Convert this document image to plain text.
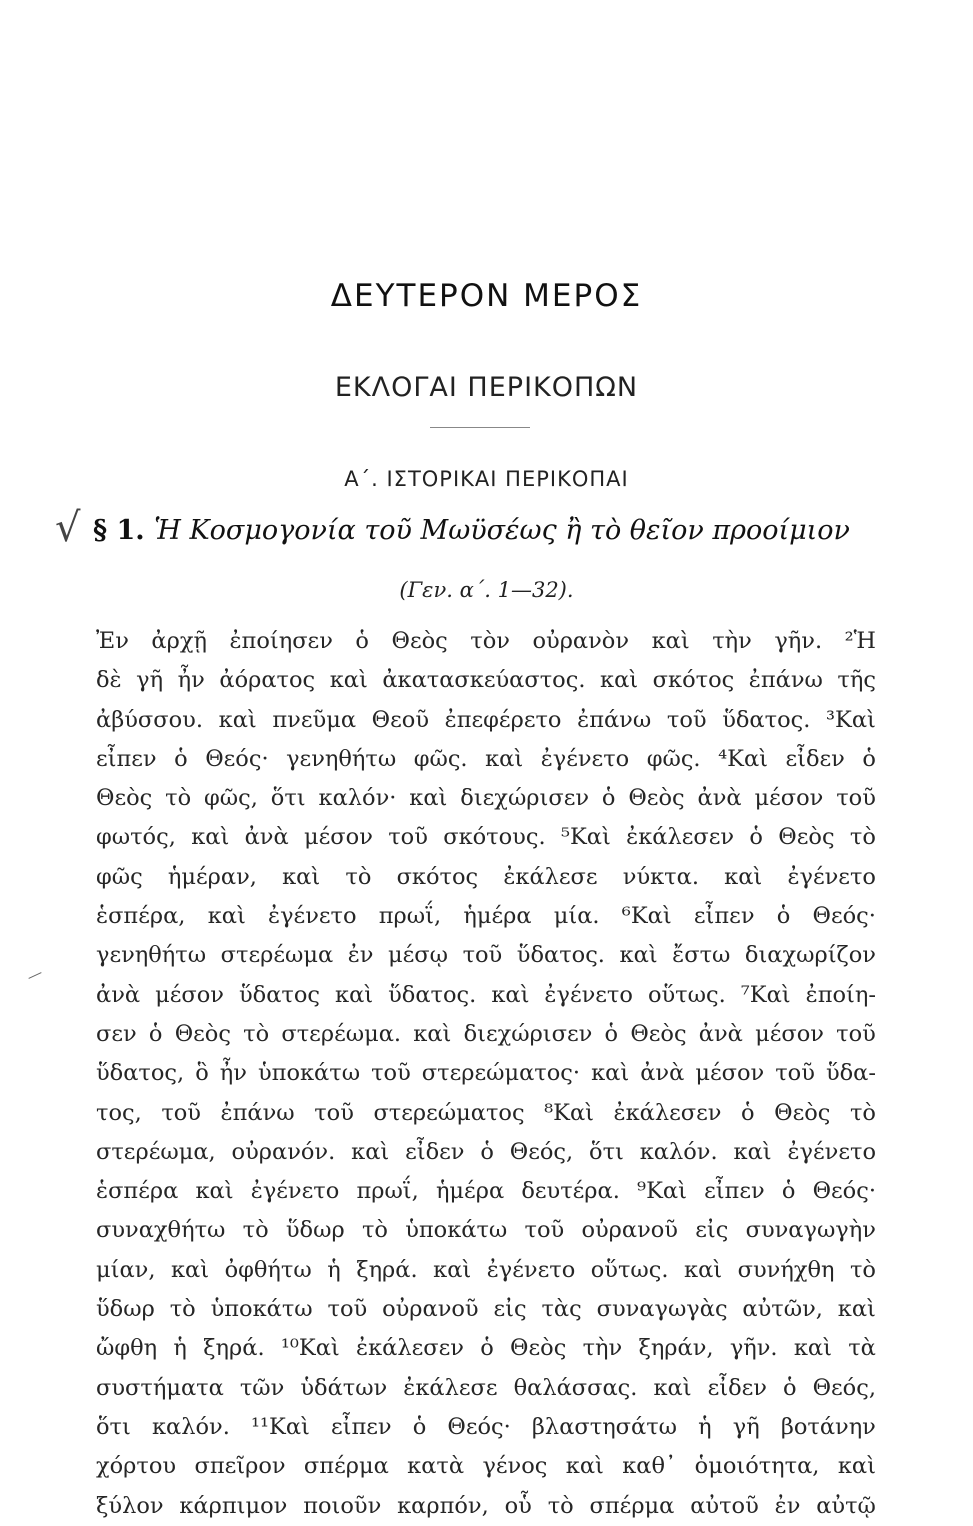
ΔΕΥΤΕΡΟΝ ΜΕΡΟΣ
ΕΚΛΟΓΑΙ ΠΕΡΙΚΟΠΩΝ
Α΄. ΙΣΤΟΡΙΚΑΙ ΠΕΡΙΚΟΠΑΙ
√ § 1. Ἡ Κοσμογονία τοῦ Μωϋσέως ἢ τὸ θεῖον προοίμιον
(Γεν. α΄. 1—32).
Ἐν ἀρχῇ ἐποίησεν ὁ Θεὸς τὸν οὐρανὸν καὶ τὴν γῆν. ²Ἡ
δὲ γῆ ἦν ἀόρατος καὶ ἀκατασκεύαστος. καὶ σκότος ἐπάνω τῆς
ἀβύσσου. καὶ πνεῦμα Θεοῦ ἐπεφέρετο ἐπάνω τοῦ ὕδατος. ³Καὶ
εἶπεν ὁ Θεός· γενηθήτω φῶς. καὶ ἐγένετο φῶς. ⁴Καὶ εἶδεν ὁ
Θεὸς τὸ φῶς, ὅτι καλόν· καὶ διεχώρισεν ὁ Θεὸς ἀνὰ μέσον τοῦ
φωτός, καὶ ἀνὰ μέσον τοῦ σκότους. ⁵Καὶ ἐκάλεσεν ὁ Θεὸς τὸ
φῶς ἡμέραν, καὶ τὸ σκότος ἐκάλεσε νύκτα. καὶ ἐγένετο
ἑσπέρα, καὶ ἐγένετο πρωΐ, ἡμέρα μία. ⁶Καὶ εἶπεν ὁ Θεός·
γενηθήτω στερέωμα ἐν μέσῳ τοῦ ὕδατος. καὶ ἔστω διαχωρίζον
ἀνὰ μέσον ὕδατος καὶ ὕδατος. καὶ ἐγένετο οὕτως. ⁷Καὶ ἐποίη-
σεν ὁ Θεὸς τὸ στερέωμα. καὶ διεχώρισεν ὁ Θεὸς ἀνὰ μέσον τοῦ
ὕδατος, ὃ ἦν ὑποκάτω τοῦ στερεώματος· καὶ ἀνὰ μέσον τοῦ ὕδα-
τος, τοῦ ἐπάνω τοῦ στερεώματος ⁸Καὶ ἐκάλεσεν ὁ Θεὸς τὸ
στερέωμα, οὐρανόν. καὶ εἶδεν ὁ Θεός, ὅτι καλόν. καὶ ἐγένετο
ἑσπέρα καὶ ἐγένετο πρωΐ, ἡμέρα δευτέρα. ⁹Καὶ εἶπεν ὁ Θεός·
συναχθήτω τὸ ὕδωρ τὸ ὑποκάτω τοῦ οὐρανοῦ εἰς συναγωγὴν
μίαν, καὶ ὀφθήτω ἡ ξηρά. καὶ ἐγένετο οὕτως. καὶ συνήχθη τὸ
ὕδωρ τὸ ὑποκάτω τοῦ οὐρανοῦ εἰς τὰς συναγωγὰς αὐτῶν, καὶ
ὤφθη ἡ ξηρά. ¹⁰Καὶ ἐκάλεσεν ὁ Θεὸς τὴν ξηράν, γῆν. καὶ τὰ
συστήματα τῶν ὑδάτων ἐκάλεσε θαλάσσας. καὶ εἶδεν ὁ Θεός,
ὅτι καλόν. ¹¹Καὶ εἶπεν ὁ Θεός· βλαστησάτω ἡ γῆ βοτάνην
χόρτου σπεῖρον σπέρμα κατὰ γένος καὶ καθ᾿ ὁμοιότητα, καὶ
ξύλον κάρπιμον ποιοῦν καρπόν, οὗ τὸ σπέρμα αὐτοῦ ἐν αὐτῷ
